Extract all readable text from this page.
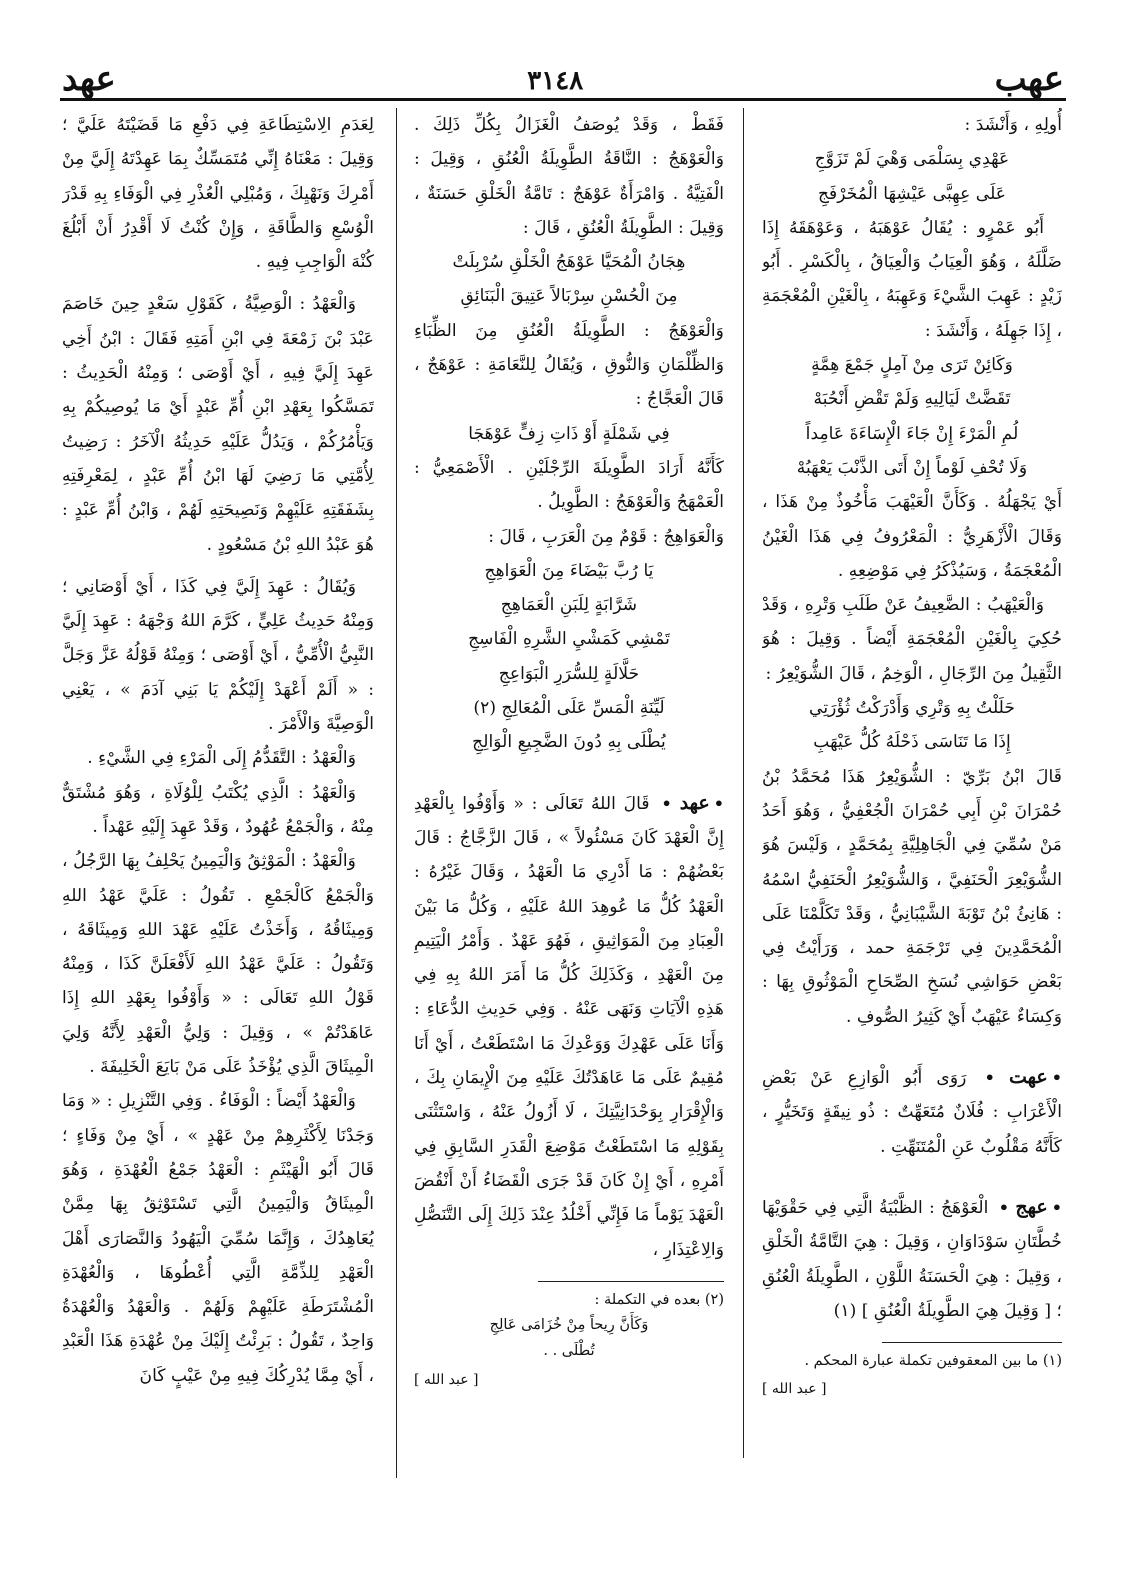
عهب
٣١٤٨
عهد
أُولِهِ ، وَأَنْشَدَ :
عَهْدِي بِسَلْمَى وَهْيَ لَمْ تَزَوَّجِ
عَلَى عِهِبَّى عَيْشِهَا الْمُخَرْفَجِ
أَبُو عَمْرٍو : يُقَالُ عَوْهَبَهُ ، وَعَوْهَقَهُ إِذَا ضَلَّلَهُ ، وَهُوَ الْعِيَابُ وَالْعِيَاقُ ، بِالْكَسْرِ . أَبُو زَيْدٍ : عَهِبَ الشَّيْءَ وَعَهِبَهُ ، بِالْغَيْنِ الْمُعْجَمَةِ ، إِذَا جَهِلَهُ ، وَأَنْشَدَ :
وَكَائِنْ تَرَى مِنْ آمِلٍ جَمْعَ هِمَّةٍ
تَقَضَّتْ لَيَالِيهِ وَلَمْ تَقْضِ أَنْحُبَهْ
لُمِ الْمَرْءَ إِنْ جَاءَ الْإِسَاءَةَ عَامِداً
وَلَا تُحْفِ لَوْماً إِنْ أَتَى الذَّنْبَ يَعْهَبُهْ
أَيْ يَجْهَلُهُ . وَكَأَنَّ الْعَيْهَبَ مَأْخُوذٌ مِنْ هَذَا ، وَقَالَ الْأَزْهَرِيُّ : الْمَعْرُوفُ فِي هَذَا الْغَيْنُ الْمُعْجَمَةُ ، وَسَيُذْكَرُ فِي مَوْضِعِهِ .
وَالْعَيْهَبُ : الضَّعِيفُ عَنْ طَلَبِ وَتْرِهِ ، وَقَدْ حُكِيَ بِالْغَيْنِ الْمُعْجَمَةِ أَيْضاً . وَقِيلَ : هُوَ الثَّقِيلُ مِنَ الرِّجَالِ ، الْوَخِمُ ، قَالَ الشُّوَيْعِرُ :
حَلَلْتُ بِهِ وَتْرِي وَأَدْرَكْتُ ثُؤْرَتِي
إِذَا مَا تَنَاسَى ذَحْلَهُ كُلُّ عَيْهَبِ
قَالَ ابْنُ بَرِّيّ : الشُّوَيْعِرُ هَذَا مُحَمَّدُ بْنُ حُمْرَانَ بْنِ أَبِي حُمْرَانَ الْجُعْفِيُّ ، وَهُوَ أَحَدُ مَنْ سُمِّيَ فِي الْجَاهِلِيَّةِ بِمُحَمَّدٍ ، وَلَيْسَ هُوَ الشُّوَيْعِرَ الْحَنَفِيَّ ، وَالشُّوَيْعِرُ الْحَنَفِيُّ اسْمُهُ : هَانِئُ بْنُ تَوْبَةَ الشَّيْبَانِيُّ ، وَقَدْ تَكَلَّمْنَا عَلَى الْمُحَمَّدِينَ فِي تَرْجَمَةِ حمد ، وَرَأَيْتُ فِي بَعْضِ حَوَاشِي نُسَخِ الصِّحَاحِ الْمَوْثُوقِ بِهَا : وَكِسَاءٌ عَيْهَبٌ أَيْ كَثِيرُ الصُّوفِ .
•عهت • رَوَى أَبُو الْوَازِعِ عَنْ بَعْضِ الْأَعْرَابِ : فُلَانٌ مُتَعَهِّتٌ : ذُو نِيقَةٍ وَتَخَيُّرٍ ، كَأَنَّهُ مَقْلُوبٌ عَنِ الْمُتَنَهِّتِ .
•عهج • الْعَوْهَجُ : الظَّبْيَةُ الَّتِي فِي حَقْوَيْهَا خُطَّتَانِ سَوْدَاوَانِ ، وَقِيلَ : هِيَ التَّامَّةُ الْخَلْقِ ، وَقِيلَ : هِيَ الْحَسَنَةُ اللَّوْنِ ، الطَّوِيلَةُ الْعُنُقِ ؛ [ وَقِيلَ هِيَ الطَّوِيلَةُ الْعُنُقِ ] (١)
(١) ما بين المعقوفين تكملة عبارة المحكم .
[ عبد الله ]
فَقَطْ ، وَقَدْ يُوصَفُ الْغَزَالُ بِكُلِّ ذَلِكَ . وَالْعَوْهَجُ : النَّاقَةُ الطَّوِيلَةُ الْعُنُقِ ، وَقِيلَ : الْفَتِيَّةُ . وَامْرَأَةٌ عَوْهَجٌ : تَامَّةُ الْخَلْقِ حَسَنَةٌ ، وَقِيلَ : الطَّوِيلَةُ الْعُنُقِ ، قَالَ :
هِجَانُ الْمُحَيَّا عَوْهَجُ الْخَلْقِ سُرْبِلَتْ
مِنَ الْحُسْنِ سِرْبَالاً عَتِيقَ الْبَنَائِقِ
وَالْعَوْهَجُ : الطَّوِيلَةُ الْعُنُقِ مِنَ الظِّبَاءِ وَالظِّلْمَانِ وَالنُّوقِ ، وَيُقَالُ لِلنَّعَامَةِ : عَوْهَجٌ ، قَالَ الْعَجَّاجُ :
فِي شَمْلَةٍ أَوْ ذَاتِ زِفٍّ عَوْهَجَا
كَأَنَّهُ أَرَادَ الطَّوِيلَةَ الرِّجْلَيْنِ . الْأَصْمَعِيُّ : الْعَمْهَجُ وَالْعَوْهَجُ : الطَّوِيلُ .
وَالْعَوَاهِجُ : قَوْمٌ مِنَ الْعَرَبِ ، قَالَ :
يَا رُبَّ بَيْضَاءَ مِنَ الْعَوَاهِجِ
شَرَّابَةٍ لِلَبَنِ الْعَمَاهِجِ
تَمْشِي كَمَشْيِ الشَّرِهِ الْفَاسِجِ
حَلَّالَةٍ لِلسُّرَرِ الْبَوَاعِجِ
لَيِّنَةِ الْمَسِّ عَلَى الْمُعَالِجِ (٢)
يُطْلَى بِهِ دُونَ الضَّجِيعِ الْوَالِجِ
•عهد • قَالَ اللهُ تَعَالَى : « وَأَوْفُوا بِالْعَهْدِ إِنَّ الْعَهْدَ كَانَ مَسْئُولاً » ، قَالَ الزَّجَّاجُ : قَالَ بَعْضُهُمْ : مَا أَدْرِي مَا الْعَهْدُ ، وَقَالَ غَيْرُهُ : الْعَهْدُ كُلُّ مَا عُوهِدَ اللهُ عَلَيْهِ ، وَكُلُّ مَا بَيْنَ الْعِبَادِ مِنَ الْمَوَاثِيقِ ، فَهُوَ عَهْدٌ . وَأَمْرُ الْيَتِيمِ مِنَ الْعَهْدِ ، وَكَذَلِكَ كُلُّ مَا أَمَرَ اللهُ بِهِ فِي هَذِهِ الْآيَاتِ وَنَهَى عَنْهُ . وَفِي حَدِيثِ الدُّعَاءِ : وَأَنَا عَلَى عَهْدِكَ وَوَعْدِكَ مَا اسْتَطَعْتُ ، أَيْ أَنَا مُقِيمٌ عَلَى مَا عَاهَدْتُكَ عَلَيْهِ مِنَ الْإِيمَانِ بِكَ ، وَالْإِقْرَارِ بِوَحْدَانِيَّتِكَ ، لَا أَزُولُ عَنْهُ ، وَاسْتَثْنَى بِقَوْلِهِ مَا اسْتَطَعْتُ مَوْضِعَ الْقَدَرِ السَّابِقِ فِي أَمْرِهِ ، أَيْ إِنْ كَانَ قَدْ جَرَى الْقَضَاءُ أَنْ أَنْقُضَ الْعَهْدَ يَوْماً مَا فَإِنِّي أَخْلُدُ عِنْدَ ذَلِكَ إِلَى التَّنَصُّلِ وَالِاعْتِذَارِ ،
(٢) بعده في التكملة :
وَكَأَنَّ رِيحاً مِنْ خُزَامَى عَالِجِ
تُطْلَى . .
[ عبد الله ]
لِعَدَمِ الِاسْتِطَاعَةِ فِي دَفْعِ مَا قَضَيْتَهُ عَلَيَّ ؛ وَقِيلَ : مَعْنَاهُ إِنِّي مُتَمَسِّكٌ بِمَا عَهِدْتَهُ إِلَيَّ مِنْ أَمْرِكَ وَنَهْيِكَ ، وَمُبْلِي الْعُذْرِ فِي الْوَفَاءِ بِهِ قَدْرَ الْوُسْعِ وَالطَّاقَةِ ، وَإِنْ كُنْتُ لَا أَقْدِرُ أَنْ أَبْلُغَ كُنْهَ الْوَاجِبِ فِيهِ .
وَالْعَهْدُ : الْوَصِيَّةُ ، كَقَوْلِ سَعْدٍ حِينَ خَاصَمَ عَبْدَ بْنَ زَمْعَةَ فِي ابْنِ أَمَتِهِ فَقَالَ : ابْنُ أَخِي عَهِدَ إِلَيَّ فِيهِ ، أَيْ أَوْصَى ؛ وَمِنْهُ الْحَدِيثُ : تَمَسَّكُوا بِعَهْدِ ابْنِ أُمِّ عَبْدٍ أَيْ مَا يُوصِيكُمْ بِهِ وَيَأْمُرُكُمْ ، وَيَدُلُّ عَلَيْهِ حَدِيثُهُ الْآخَرُ : رَضِيتُ لِأُمَّتِي مَا رَضِيَ لَهَا ابْنُ أُمِّ عَبْدٍ ، لِمَعْرِفَتِهِ بِشَفَقَتِهِ عَلَيْهِمْ وَنَصِيحَتِهِ لَهُمْ ، وَابْنُ أُمِّ عَبْدٍ : هُوَ عَبْدُ اللهِ بْنُ مَسْعُودٍ .
وَيُقَالُ : عَهِدَ إِلَيَّ فِي كَذَا ، أَيْ أَوْصَانِي ؛ وَمِنْهُ حَدِيثُ عَلِيٍّ ، كَرَّمَ اللهُ وَجْهَهُ : عَهِدَ إِلَيَّ النَّبِيُّ الْأُمِّيُّ ، أَيْ أَوْصَى ؛ وَمِنْهُ قَوْلُهُ عَزَّ وَجَلَّ : « أَلَمْ أَعْهَدْ إِلَيْكُمْ يَا بَنِي آدَمَ » ، يَعْنِي الْوَصِيَّةَ وَالْأَمْرَ .
وَالْعَهْدُ : التَّقَدُّمُ إِلَى الْمَرْءِ فِي الشَّيْءِ .
وَالْعَهْدُ : الَّذِي يُكْتَبُ لِلْوُلَاةِ ، وَهُوَ مُشْتَقٌّ مِنْهُ ، وَالْجَمْعُ عُهُودٌ ، وَقَدْ عَهِدَ إِلَيْهِ عَهْداً .
وَالْعَهْدُ : الْمَوْثِقُ وَالْيَمِينُ يَحْلِفُ بِهَا الرَّجُلُ ، وَالْجَمْعُ كَالْجَمْعِ . تَقُولُ : عَلَيَّ عَهْدُ اللهِ وَمِيثَاقُهُ ، وَأَخَذْتُ عَلَيْهِ عَهْدَ اللهِ وَمِيثَاقَهُ ، وَتَقُولُ : عَلَيَّ عَهْدُ اللهِ لَأَفْعَلَنَّ كَذَا ، وَمِنْهُ قَوْلُ اللهِ تَعَالَى : « وَأَوْفُوا بِعَهْدِ اللهِ إِذَا عَاهَدْتُمْ » ، وَقِيلَ : وَلِيُّ الْعَهْدِ لِأَنَّهُ وَلِيَ الْمِيثَاقَ الَّذِي يُؤْخَذُ عَلَى مَنْ بَايَعَ الْخَلِيفَةَ .
وَالْعَهْدُ أَيْضاً : الْوَفَاءُ . وَفِي التَّنْزِيلِ : « وَمَا وَجَدْنَا لِأَكْثَرِهِمْ مِنْ عَهْدٍ » ، أَيْ مِنْ وَفَاءٍ ؛ قَالَ أَبُو الْهَيْثَمِ : الْعَهْدُ جَمْعُ الْعُهْدَةِ ، وَهُوَ الْمِيثَاقُ وَالْيَمِينُ الَّتِي تَسْتَوْثِقُ بِهَا مِمَّنْ يُعَاهِدُكَ ، وَإِنَّمَا سُمِّيَ الْيَهُودُ وَالنَّصَارَى أَهْلَ الْعَهْدِ لِلذِّمَّةِ الَّتِي أُعْطُوهَا ، وَالْعُهْدَةِ الْمُشْتَرَطَةِ عَلَيْهِمْ وَلَهُمْ . وَالْعَهْدُ وَالْعُهْدَةُ وَاحِدٌ ، تَقُولُ : بَرِئْتُ إِلَيْكَ مِنْ عُهْدَةِ هَذَا الْعَبْدِ ، أَيْ مِمَّا يُدْرِكُكَ فِيهِ مِنْ عَيْبٍ كَانَ
